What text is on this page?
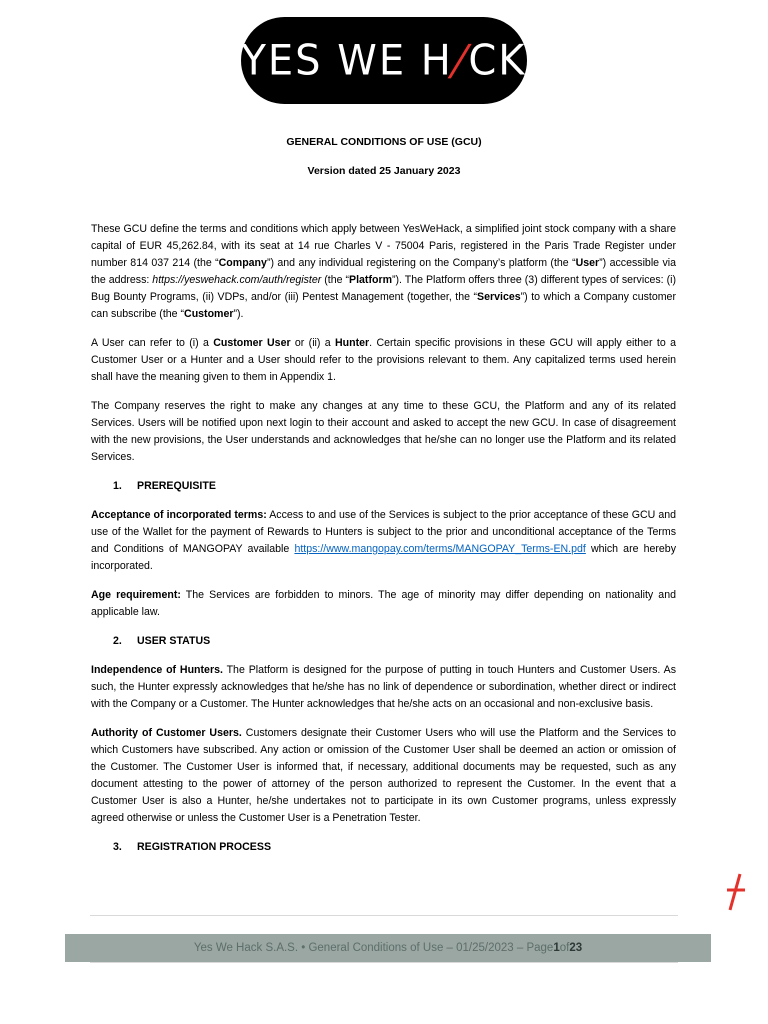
YES WE H/CK
GENERAL CONDITIONS OF USE (GCU)
Version dated 25 January 2023

These GCU define the terms and conditions which apply between YesWeHack, a simplified joint stock company with a share capital of EUR 45,262.84, with its seat at 14 rue Charles V - 75004 Paris, registered in the Paris Trade Register under number 814 037 214 (the “Company”) and any individual registering on the Company’s platform (the “User”) accessible via the address: https://yeswehack.com/auth/register (the “Platform”). The Platform offers three (3) different types of services: (i) Bug Bounty Programs, (ii) VDPs, and/or (iii) Pentest Management (together, the “Services”) to which a Company customer can subscribe (the “Customer”).

A User can refer to (i) a Customer User or (ii) a Hunter. Certain specific provisions in these GCU will apply either to a Customer User or a Hunter and a User should refer to the provisions relevant to them. Any capitalized terms used herein shall have the meaning given to them in Appendix 1.

The Company reserves the right to make any changes at any time to these GCU, the Platform and any of its related Services. Users will be notified upon next login to their account and asked to accept the new GCU. In case of disagreement with the new provisions, the User understands and acknowledges that he/she can no longer use the Platform and its related Services.

1. PREREQUISITE

Acceptance of incorporated terms: Access to and use of the Services is subject to the prior acceptance of these GCU and use of the Wallet for the payment of Rewards to Hunters is subject to the prior and unconditional acceptance of the Terms and Conditions of MANGOPAY available https://www.mangopay.com/terms/MANGOPAY_Terms-EN.pdf which are hereby incorporated.

Age requirement: The Services are forbidden to minors. The age of minority may differ depending on nationality and applicable law.

2. USER STATUS

Independence of Hunters. The Platform is designed for the purpose of putting in touch Hunters and Customer Users. As such, the Hunter expressly acknowledges that he/she has no link of dependence or subordination, whether direct or indirect with the Company or a Customer. The Hunter acknowledges that he/she acts on an occasional and non-exclusive basis.

Authority of Customer Users. Customers designate their Customer Users who will use the Platform and the Services to which Customers have subscribed. Any action or omission of the Customer User shall be deemed an action or omission of the Customer. The Customer User is informed that, if necessary, additional documents may be requested, such as any document attesting to the power of attorney of the person authorized to represent the Customer. In the event that a Customer User is also a Hunter, he/she undertakes not to participate in its own Customer programs, unless expressly agreed otherwise or unless the Customer User is a Penetration Tester.

3. REGISTRATION PROCESS
Yes We Hack S.A.S. • General Conditions of Use – 01/25/2023 – Page 1 of 23
